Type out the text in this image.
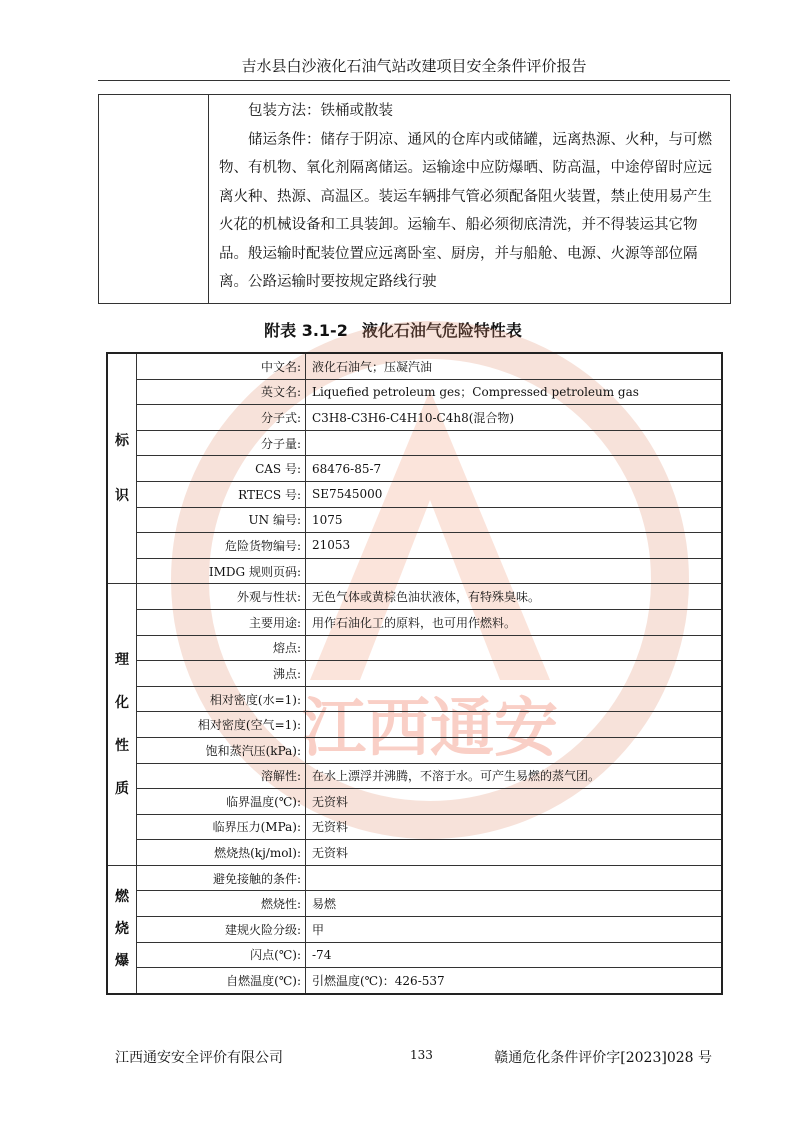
吉水县白沙液化石油气站改建项目安全条件评价报告

包装方法：铁桶或散装

储运条件：储存于阴凉、通风的仓库内或储罐，远离热源、火种，与可燃物、有机物、氧化剂隔离储运。运输途中应防爆晒、防高温，中途停留时应远离火种、热源、高温区。装运车辆排气管必须配备阻火装置，禁止使用易产生火花的机械设备和工具装卸。运输车、船必须彻底清洗，并不得装运其它物品。般运输时配装位置应远离卧室、厨房，并与船舱、电源、火源等部位隔离。公路运输时要按规定路线行驶

附表 3.1-2 液化石油气危险特性表
江西通安
标
识	中文名:	液化石油气；压凝汽油
	英文名:	Liquefied petroleum ges；Compressed petroleum gas
	分子式:	C3H8-C3H6-C4H10-C4h8(混合物)
	分子量:	
	CAS 号:	68476-85-7
	RTECS 号:	SE7545000
	UN 编号:	1075
	危险货物编号:	21053
	IMDG 规则页码:	

理
化
性
质	外观与性状:	无色气体或黄棕色油状液体，有特殊臭味。
	主要用途:	用作石油化工的原料，也可用作燃料。
	熔点:	
	沸点:	
	相对密度(水=1):	
	相对密度(空气=1):	
	饱和蒸汽压(kPa):	
	溶解性:	在水上漂浮并沸腾，不溶于水。可产生易燃的蒸气团。
	临界温度(℃):	无资料
	临界压力(MPa):	无资料
	燃烧热(kj/mol):	无资料

燃
烧
爆	避免接触的条件:	
	燃烧性:	易燃
	建规火险分级:	甲
	闪点(℃):	-74
	自燃温度(℃):	引燃温度(℃)：426-537
江西通安安全评价有限公司	133	赣通危化条件评价字[2023]028 号
